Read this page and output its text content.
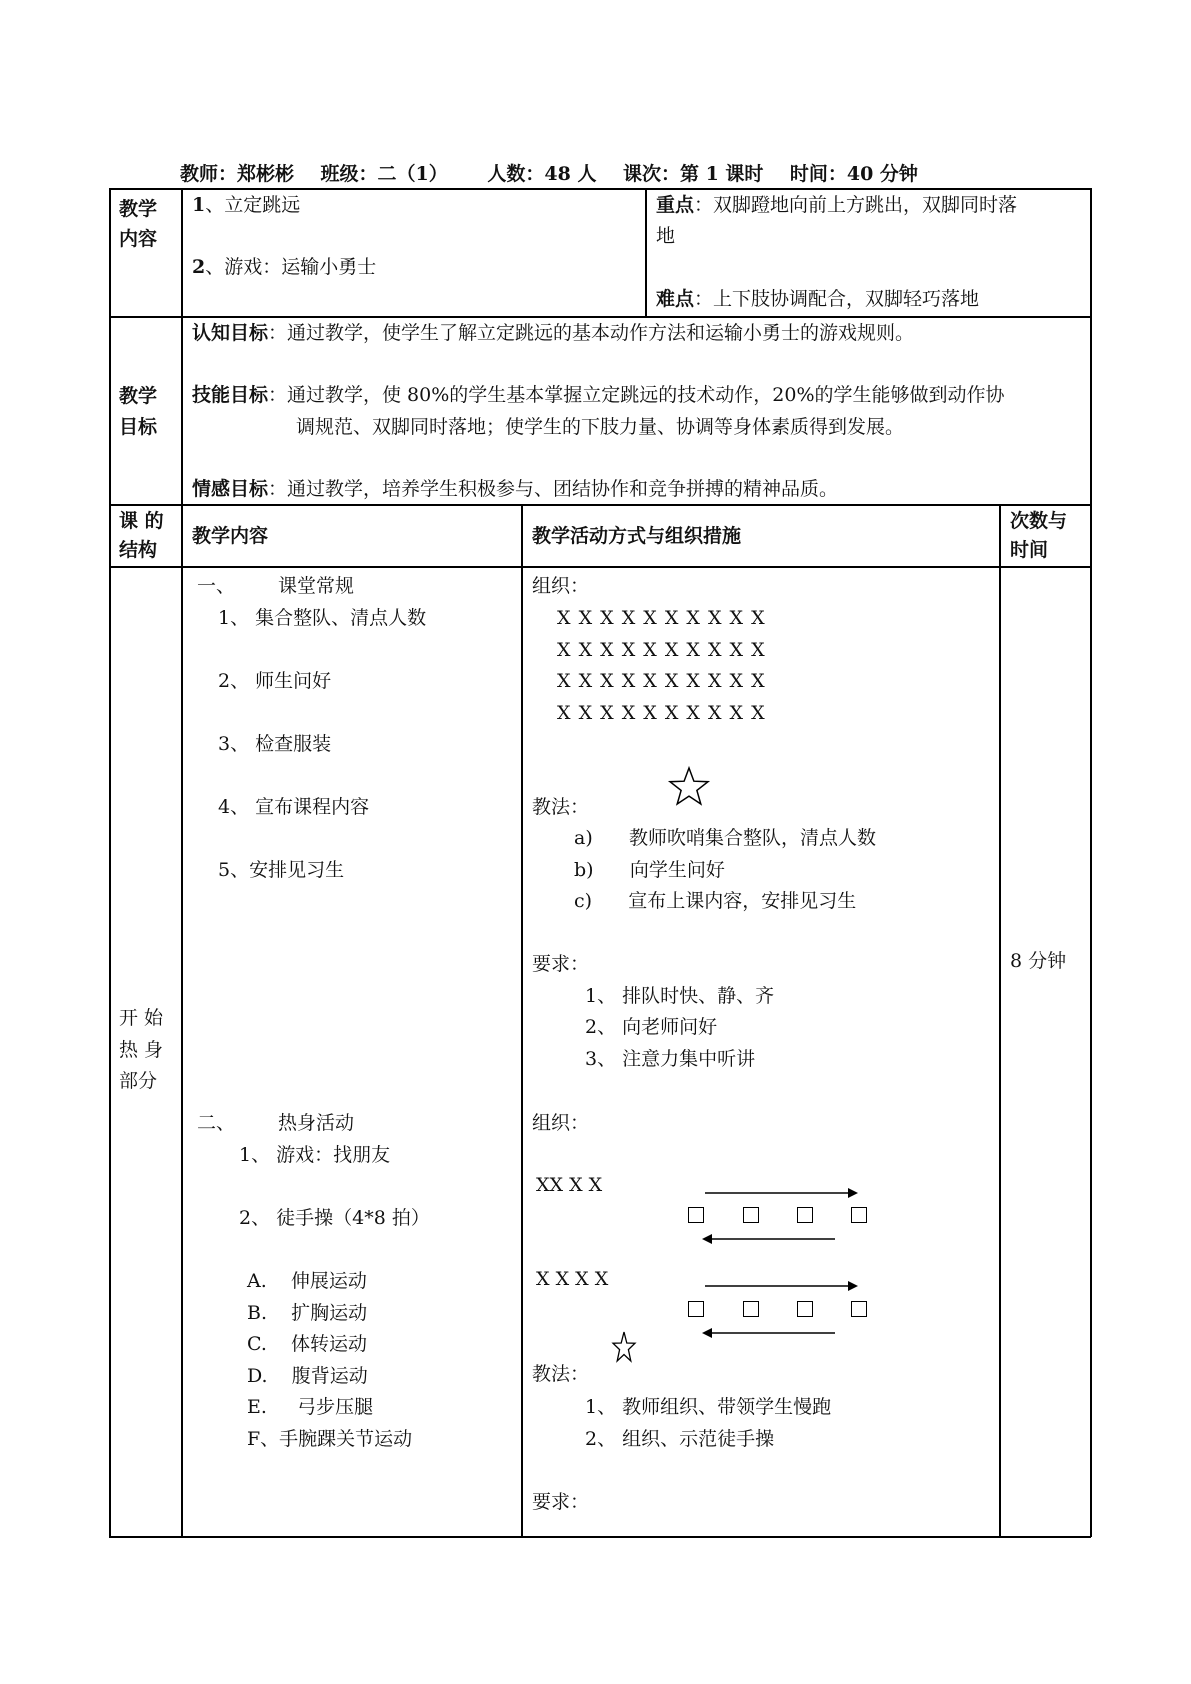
教师：郑彬彬 班级：二（1） 人数：48 人 课次：第 1 课时 时间：40 分钟
教学
内容
1、立定跳远
2、游戏：运输小勇士
重点：双脚蹬地向前上方跳出，双脚同时落
地
难点：上下肢协调配合，双脚轻巧落地
教学
目标
认知目标：通过教学，使学生了解立定跳远的基本动作方法和运输小勇士的游戏规则。
技能目标：通过教学，使 80%的学生基本掌握立定跳远的技术动作，20%的学生能够做到动作协
调规范、双脚同时落地；使学生的下肢力量、协调等身体素质得到发展。
情感目标：通过教学，培养学生积极参与、团结协作和竞争拼搏的精神品质。
课 的
结构
教学内容	教学活动方式与组织措施
次数与
时间
开 始
热 身
部分
8 分钟
一、 课堂常规
1、 集合整队、清点人数
2、 师生问好
3、 检查服装
4、 宣布课程内容
5、安排见习生
二、 热身活动
1、 游戏：找朋友
2、 徒手操（4*8 拍）
A.    伸展运动
B.    扩胸运动
C.    体转运动
D.    腹背运动
E.     弓步压腿
F、手腕踝关节运动
组织：
X X X X X X X X X X
X X X X X X X X X X
X X X X X X X X X X
X X X X X X X X X X
教法：
a)      教师吹哨集合整队，清点人数
b)      向学生问好
c)      宣布上课内容，安排见习生
要求：
1、 排队时快、静、齐
2、 向老师问好
3、 注意力集中听讲
组织：
XX X X
X X X X
教法：
1、 教师组织、带领学生慢跑
2、 组织、示范徒手操
要求：
